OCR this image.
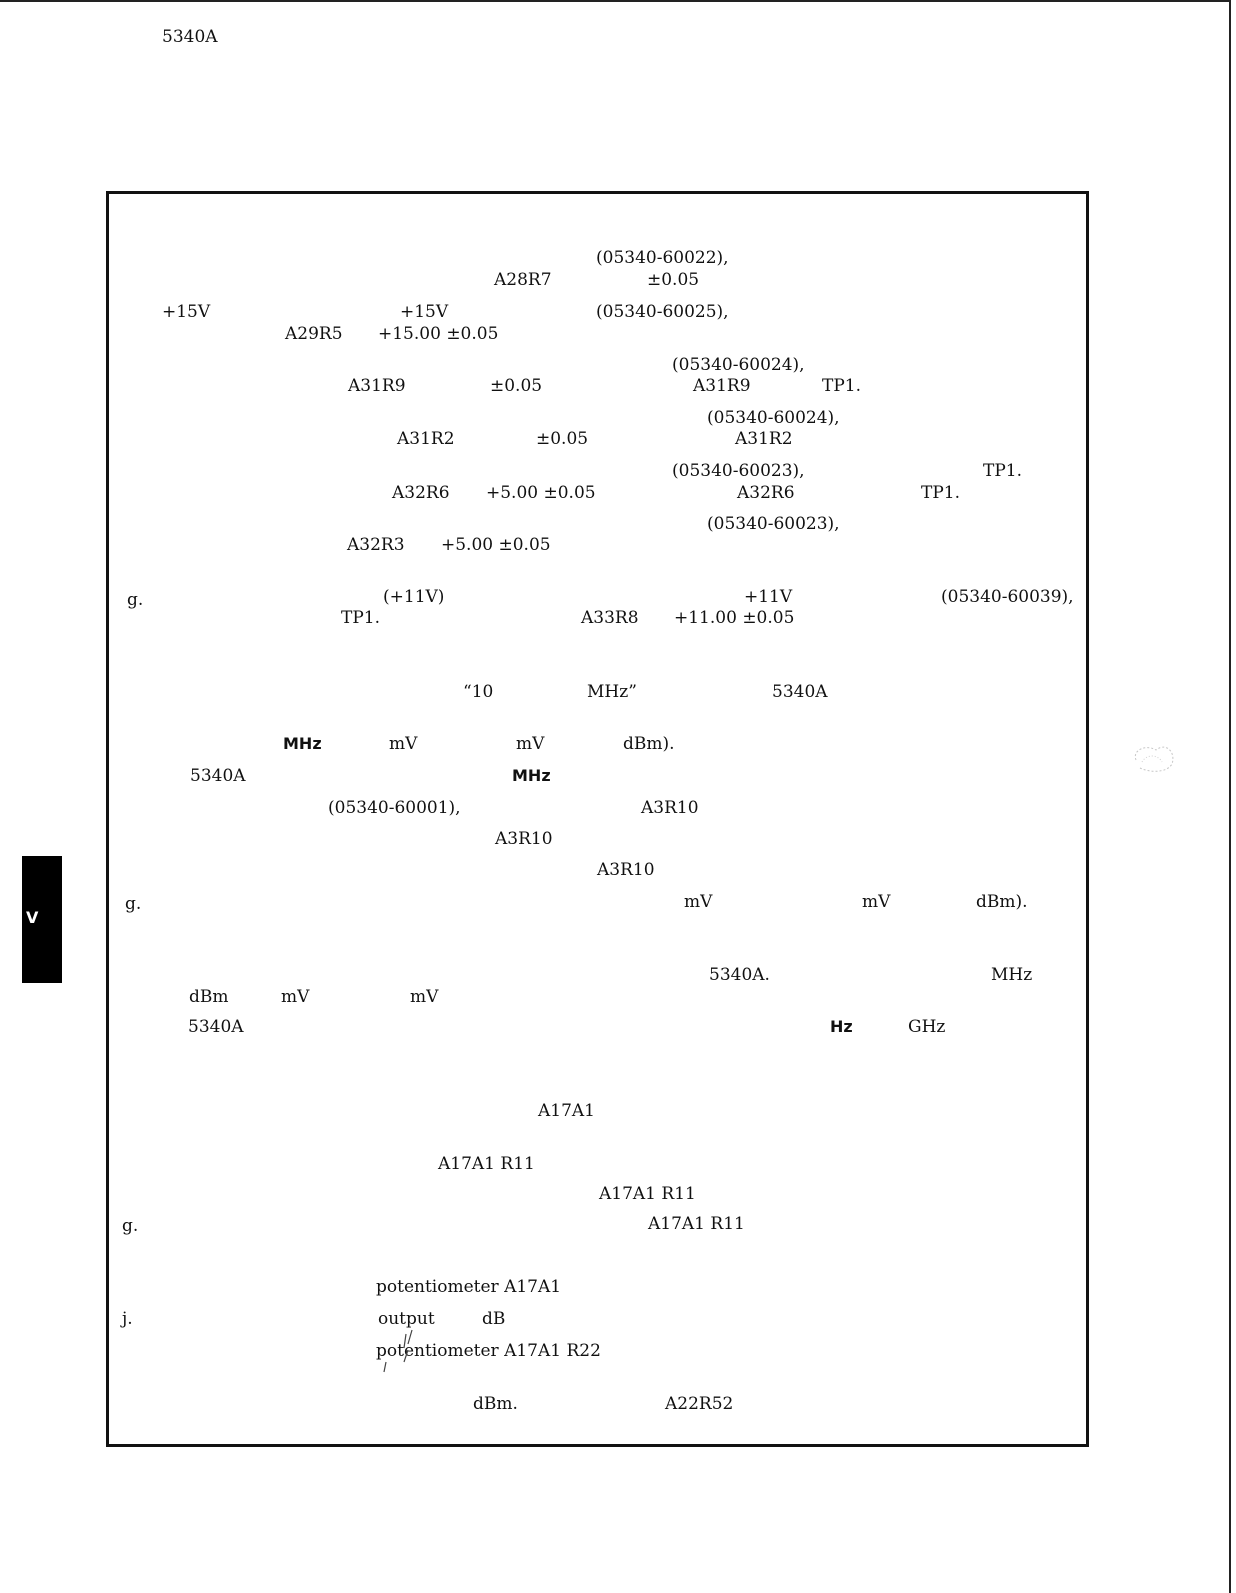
5340A
(05340-60022),
A28R7	±0.05
+15V	+15V	(05340-60025),
A29R5 +15.00 ±0.05
(05340-60024),
A31R9	±0.05	A31R9	TP1.
(05340-60024),
A31R2	±0.05	A31R2
(05340-60023),	TP1.
A32R6 +5.00 ±0.05	A32R6	TP1.
(05340-60023),
A32R3 +5.00 ±0.05
g.	(+11V)	+11V	(05340-60039),
TP1.	A33R8 +11.00 ±0.05
“10	MHz”	5340A
MHz	mV	mV	dBm).
5340A	MHz
(05340-60001),	A3R10
A3R10
A3R10
g.	mV	mV	dBm).
5340A.	MHz
dBm	mV	mV
5340A	Hz	GHz
A17A1
A17A1 R11
A17A1 R11
g.	A17A1 R11
potentiometer A17A1
j.	output	dB
potentiometer A17A1 R22
dBm.	A22R52
V
